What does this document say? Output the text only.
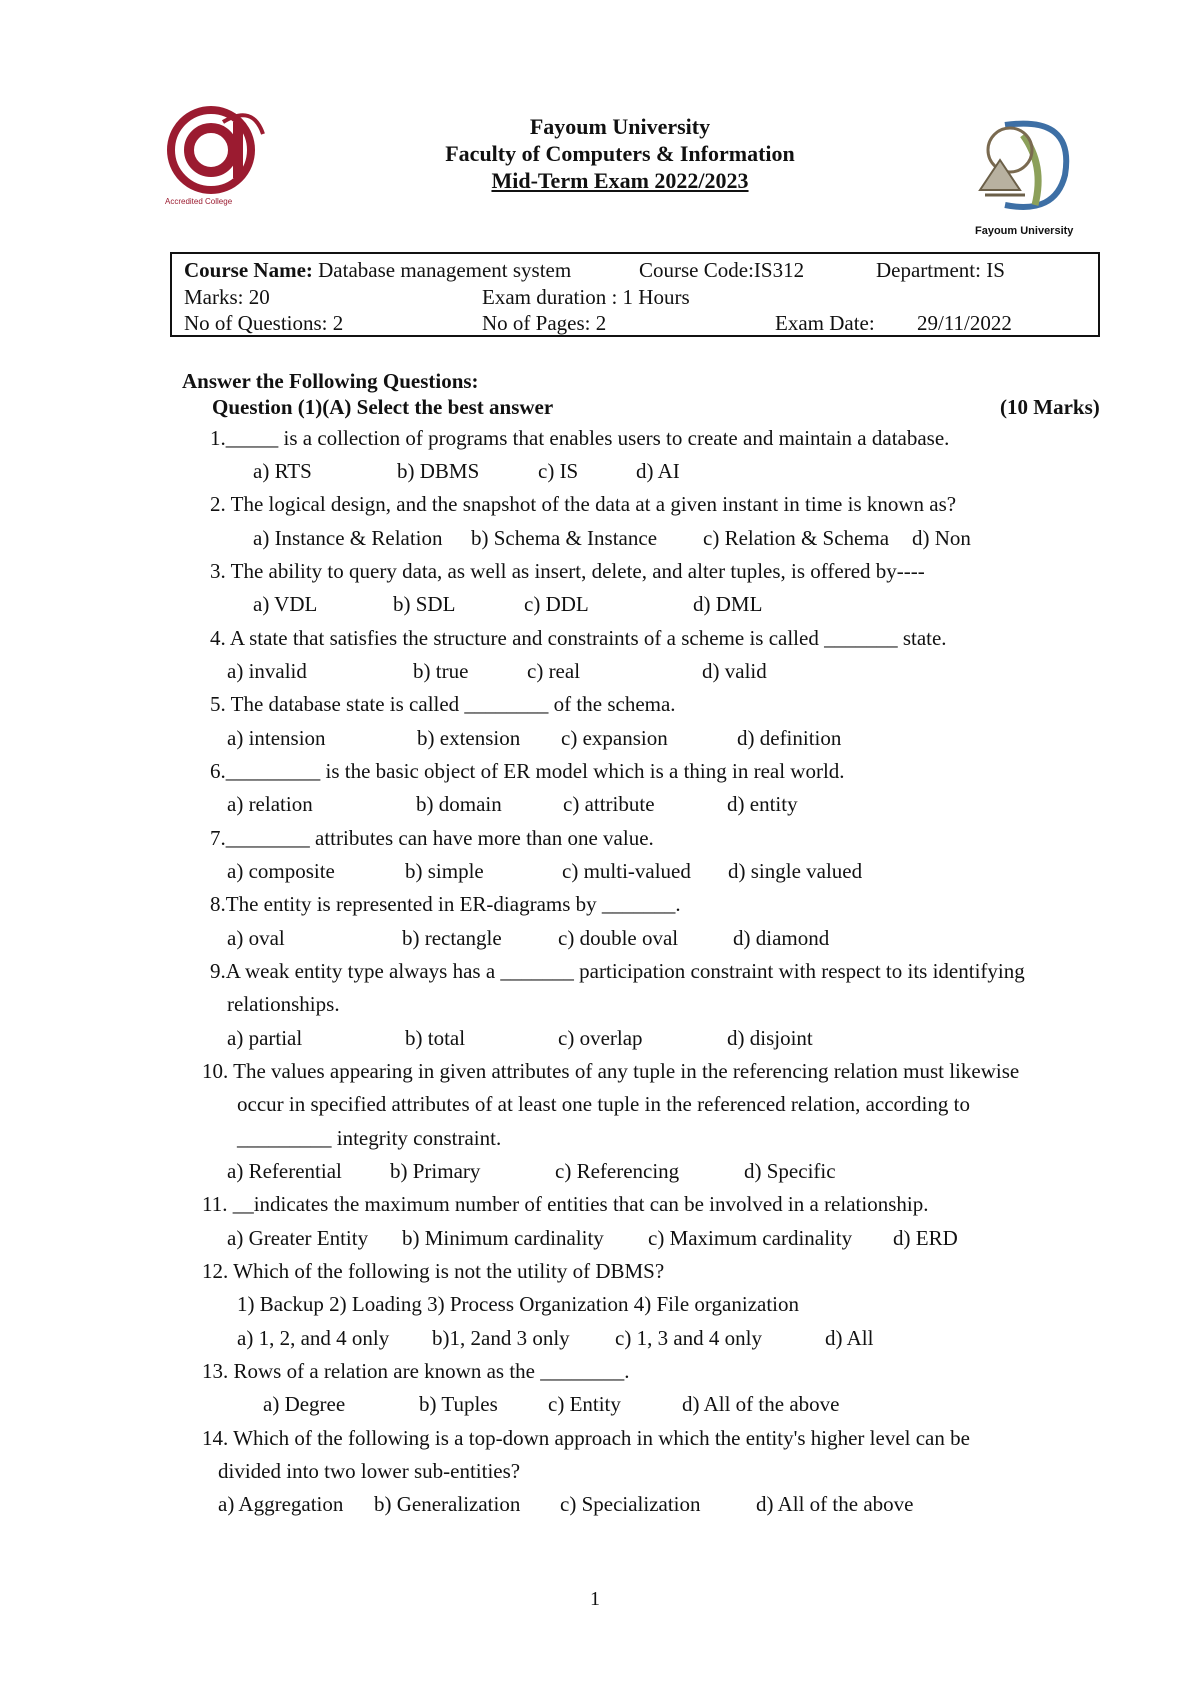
Accredited College
Fayoum University
Faculty of Computers & Information
Mid-Term Exam 2022/2023
Fayoum University
Course Name: Database management system	Course Code:IS312	Department: IS
Marks: 20	Exam duration : 1 Hours
No of Questions: 2	No of Pages: 2	Exam Date: 29/11/2022
Answer the Following Questions:
Question (1)(A) Select the best answer	(10 Marks)
1._____ is a collection of programs that enables users to create and maintain a database.
a) RTS	b) DBMS	c) IS	d) AI
2. The logical design, and the snapshot of the data at a given instant in time is known as?
a) Instance & Relation b) Schema & Instance c) Relation & Schema d) Non
3. The ability to query data, as well as insert, delete, and alter tuples, is offered by----
a) VDL	b) SDL	c) DDL	d) DML
4. A state that satisfies the structure and constraints of a scheme is called _______ state.
a) invalid	b) true	c) real	d) valid
5. The database state is called ________ of the schema.
a) intension	b) extension c) expansion	d) definition
6._________ is the basic object of ER model which is a thing in real world.
a) relation	b) domain	c) attribute	d) entity
7.________ attributes can have more than one value.
a) composite	b) simple	c) multi-valued d) single valued
8.The entity is represented in ER-diagrams by _______.
a) oval	b) rectangle	c) double oval	d) diamond
9.A weak entity type always has a _______ participation constraint with respect to its identifying
relationships.
a) partial	b) total	c) overlap	d) disjoint
10. The values appearing in given attributes of any tuple in the referencing relation must likewise
occur in specified attributes of at least one tuple in the referenced relation, according to
_________ integrity constraint.
a) Referential b) Primary	c) Referencing	d) Specific
11. __indicates the maximum number of entities that can be involved in a relationship.
a) Greater Entity b) Minimum cardinality c) Maximum cardinality d) ERD
12. Which of the following is not the utility of DBMS?
1) Backup 2) Loading 3) Process Organization 4) File organization
a) 1, 2, and 4 only b)1, 2and 3 only c) 1, 3 and 4 only	d) All
13. Rows of a relation are known as the ________.
a) Degree	b) Tuples c) Entity	d) All of the above
14. Which of the following is a top-down approach in which the entity's higher level can be
divided into two lower sub-entities?
a) Aggregation b) Generalization c) Specialization	d) All of the above
1
